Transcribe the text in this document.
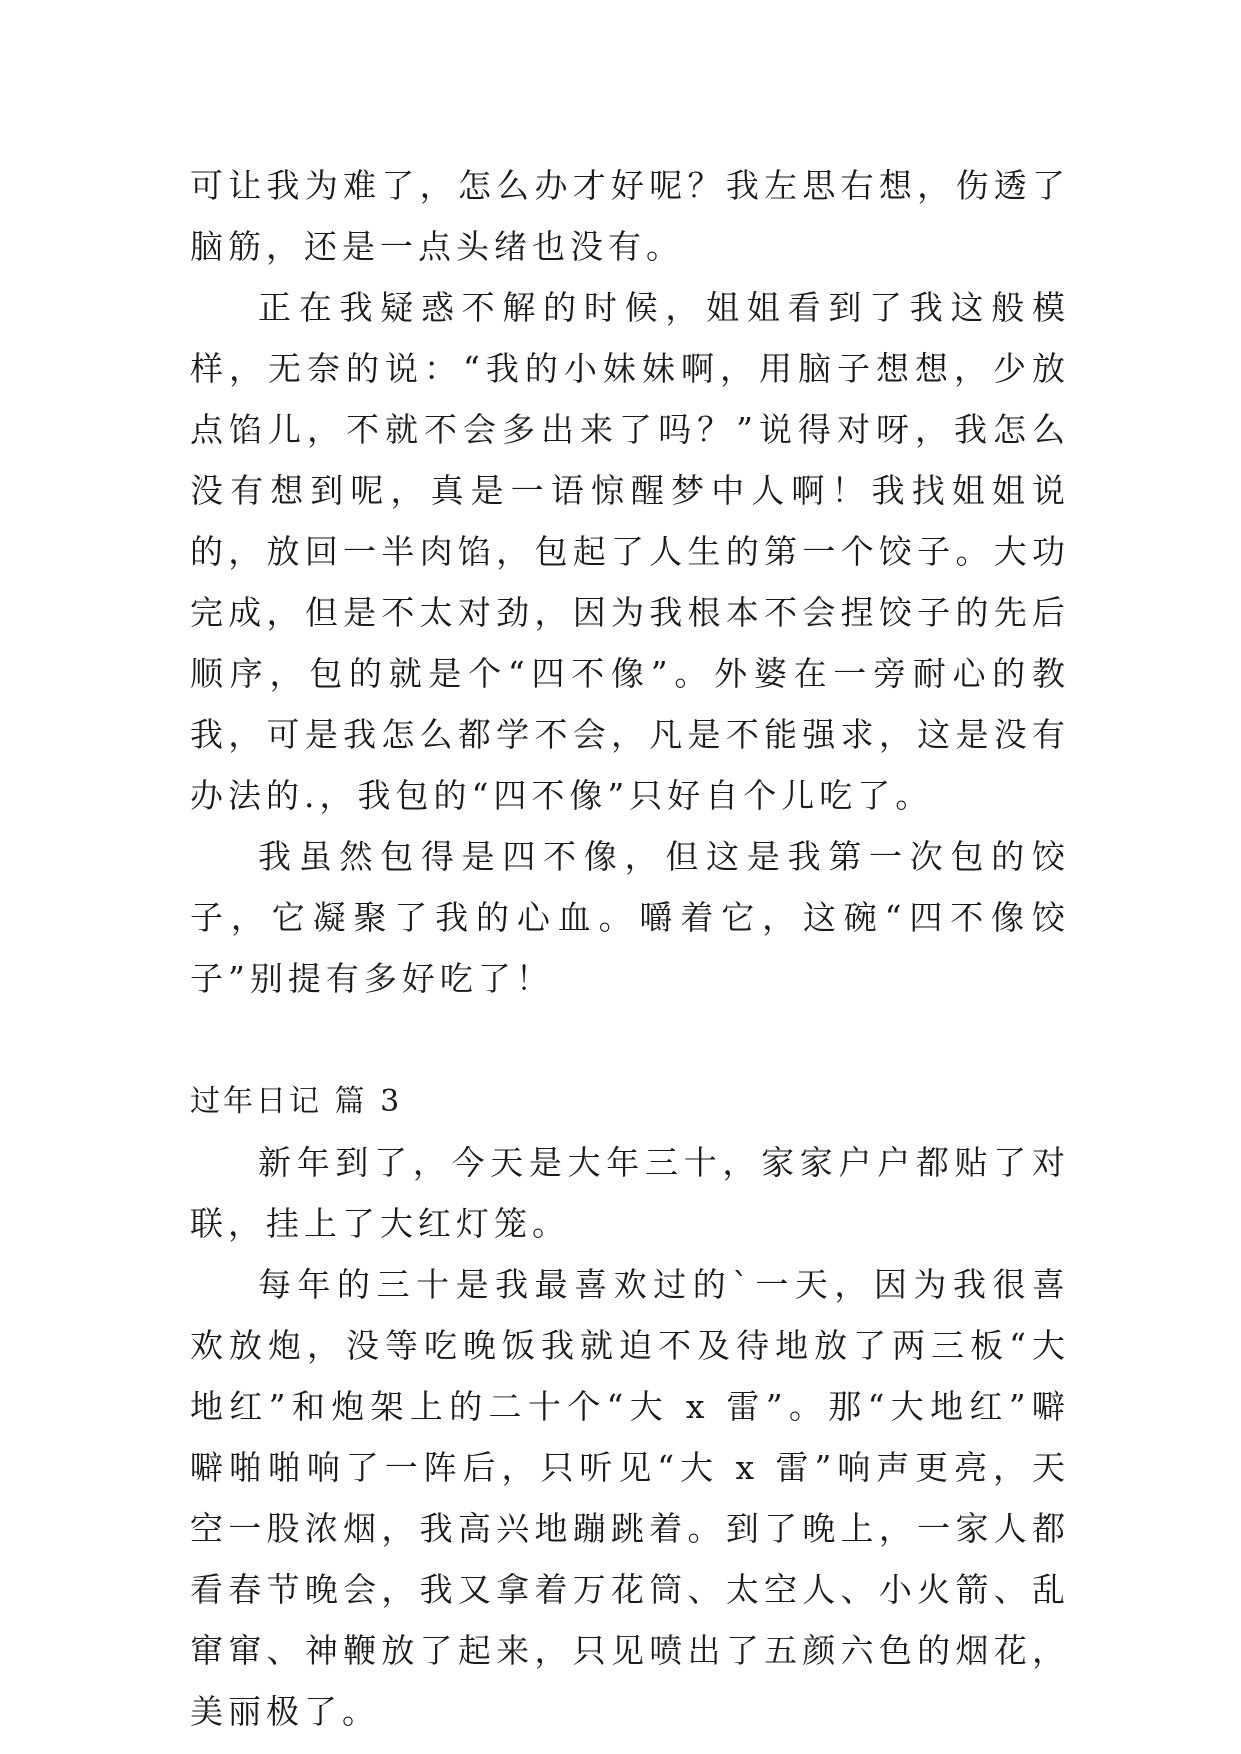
可让我为难了，怎么办才好呢？我左思右想，伤透了脑筋，还是一点头绪也没有。

正在我疑惑不解的时候，姐姐看到了我这般模样，无奈的说：“我的小妹妹啊，用脑子想想，少放点馅儿，不就不会多出来了吗？”说得对呀，我怎么没有想到呢，真是一语惊醒梦中人啊！我找姐姐说的，放回一半肉馅，包起了人生的第一个饺子。大功完成，但是不太对劲，因为我根本不会捏饺子的先后顺序，包的就是个“四不像”。外婆在一旁耐心的教我，可是我怎么都学不会，凡是不能强求，这是没有办法的.，我包的“四不像”只好自个儿吃了。

我虽然包得是四不像，但这是我第一次包的饺子，它凝聚了我的心血。嚼着它，这碗“四不像饺子”别提有多好吃了！

过年日记 篇 3

新年到了，今天是大年三十，家家户户都贴了对联，挂上了大红灯笼。

每年的三十是我最喜欢过的`一天，因为我很喜欢放炮，没等吃晚饭我就迫不及待地放了两三板“大地红”和炮架上的二十个“大 x 雷”。那“大地红”噼噼啪啪响了一阵后，只听见“大 x 雷”响声更亮，天空一股浓烟，我高兴地蹦跳着。到了晚上，一家人都看春节晚会，我又拿着万花筒、太空人、小火箭、乱窜窜、神鞭放了起来，只见喷出了五颜六色的烟花，美丽极了。
